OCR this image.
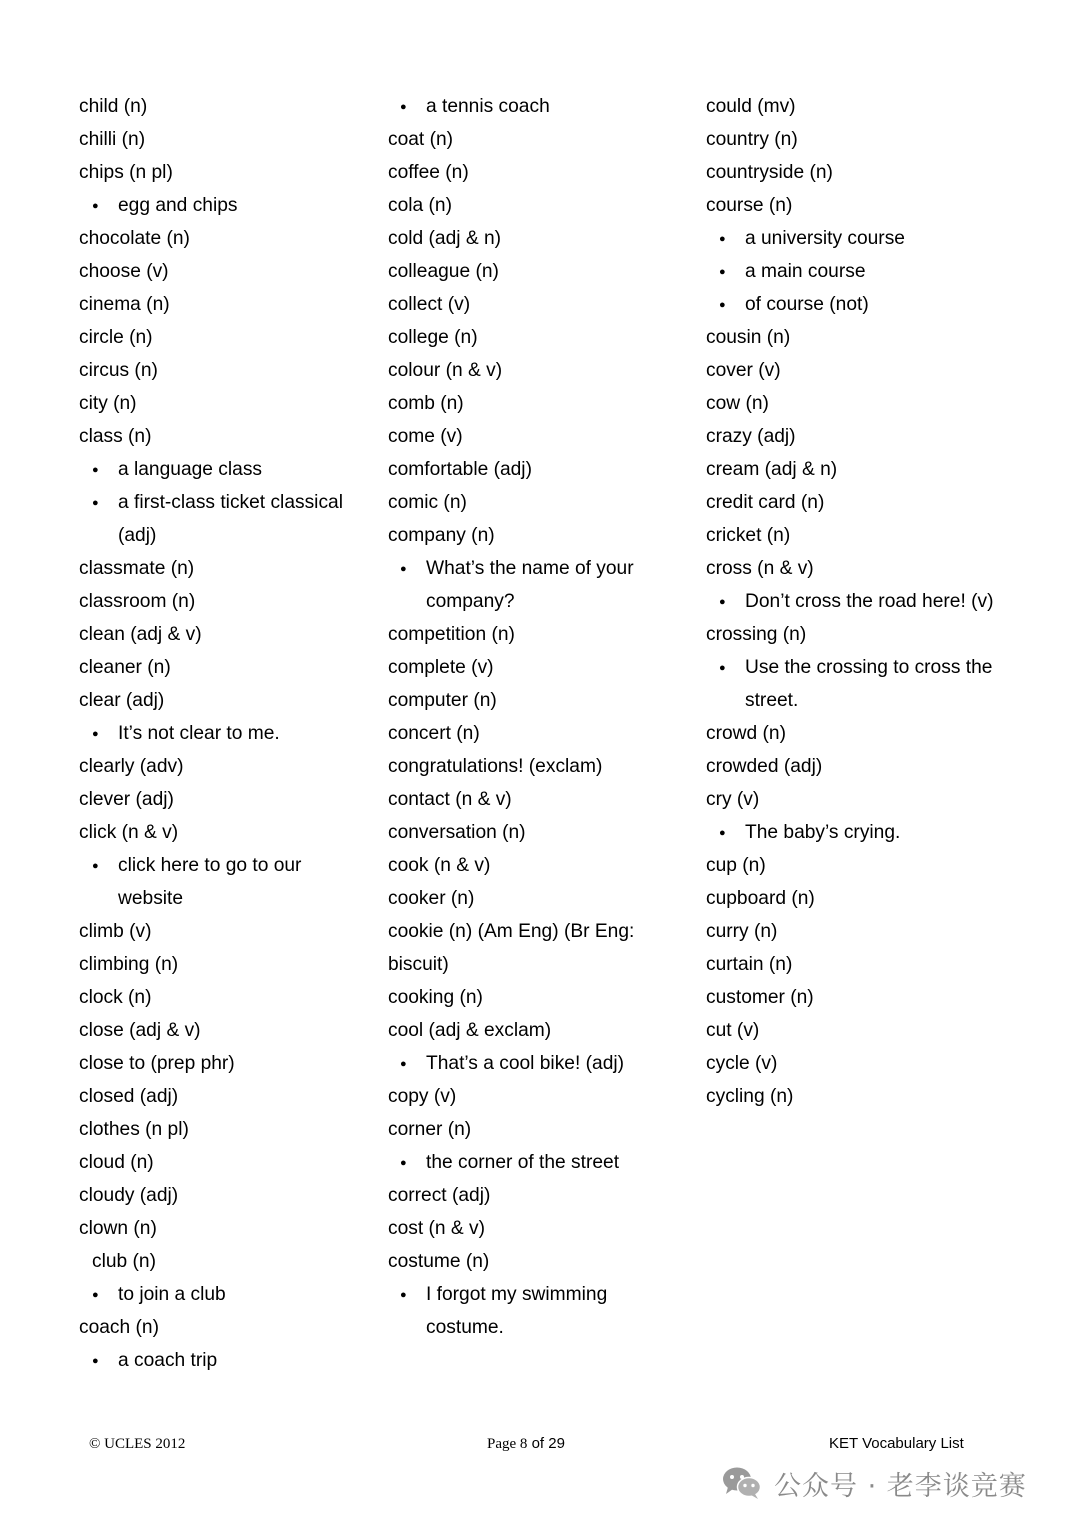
child (n)
chilli (n)
chips (n pl)
● egg and chips
chocolate (n)
choose (v)
cinema (n)
circle (n)
circus (n)
city (n)
class (n)
● a language class
● a first-class ticket classical
(adj)
classmate (n)
classroom (n)
clean (adj & v)
cleaner (n)
clear (adj)
● It’s not clear to me.
clearly (adv)
clever (adj)
click (n & v)
● click here to go to our
website
climb (v)
climbing (n)
clock (n)
close (adj & v)
close to (prep phr)
closed (adj)
clothes (n pl)
cloud (n)
cloudy (adj)
clown (n)
club (n)
● to join a club
coach (n)
● a coach trip
● a tennis coach
coat (n)
coffee (n)
cola (n)
cold (adj & n)
colleague (n)
collect (v)
college (n)
colour (n & v)
comb (n)
come (v)
comfortable (adj)
comic (n)
company (n)
● What’s the name of your
company?
competition (n)
complete (v)
computer (n)
concert (n)
congratulations! (exclam)
contact (n & v)
conversation (n)
cook (n & v)
cooker (n)
cookie (n) (Am Eng) (Br Eng:
biscuit)
cooking (n)
cool (adj & exclam)
● That’s a cool bike! (adj)
copy (v)
corner (n)
● the corner of the street
correct (adj)
cost (n & v)
costume (n)
● I forgot my swimming
costume.
could (mv)
country (n)
countryside (n)
course (n)
● a university course
● a main course
● of course (not)
cousin (n)
cover (v)
cow (n)
crazy (adj)
cream (adj & n)
credit card (n)
cricket (n)
cross (n & v)
● Don’t cross the road here! (v)
crossing (n)
● Use the crossing to cross the
street.
crowd (n)
crowded (adj)
cry (v)
● The baby’s crying.
cup (n)
cupboard (n)
curry (n)
curtain (n)
customer (n)
cut (v)
cycle (v)
cycling (n)
© UCLES 2012	Page 8 of 29	KET Vocabulary List
公众号 · 老李谈竞赛
